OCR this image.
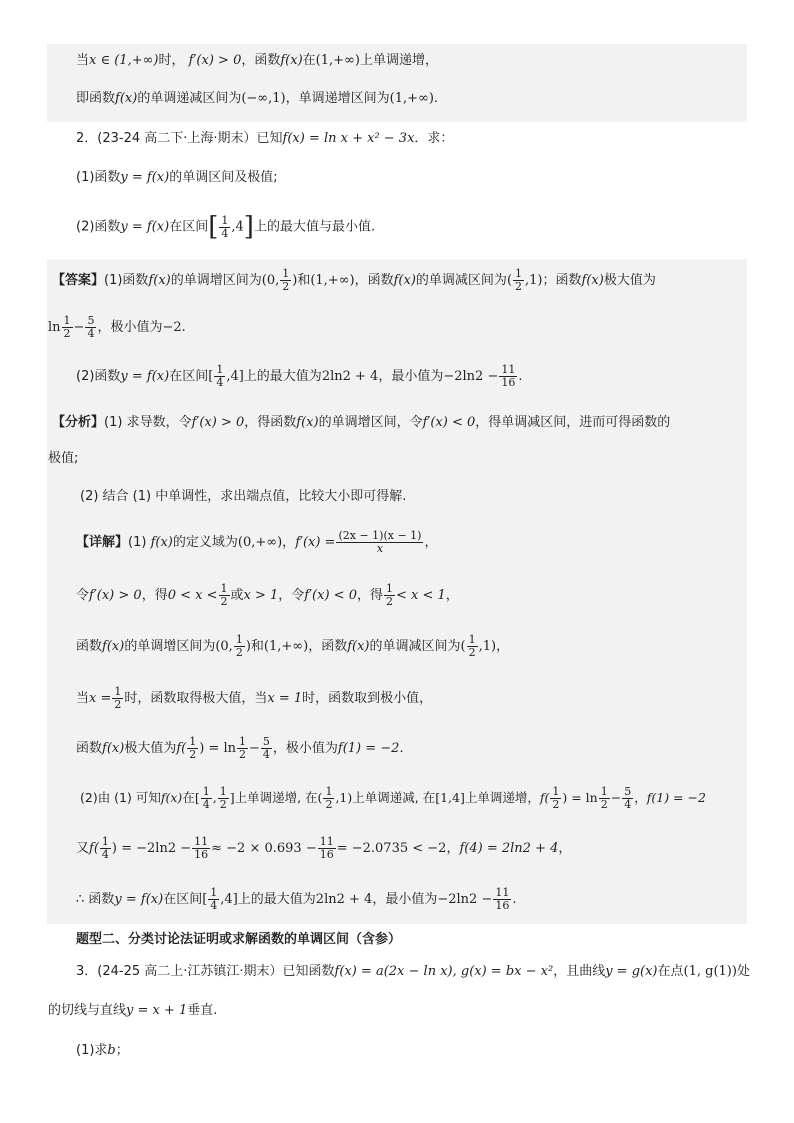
当x ∈ (1,+∞)时， f′(x) > 0，函数f(x)在(1,+∞)上单调递增，
即函数f(x)的单调递减区间为(−∞,1)，单调递增区间为(1,+∞).
2．(23-24 高二下·上海·期末）已知f(x) = ln x + x² − 3x．求：
(1)函数y = f(x)的单调区间及极值;
(2)函数y = f(x)在区间[ $\frac{1}{4} ,4$]上的最大值与最小值.
【答案】(1)函数f(x)的单调增区间为(0, $\frac{1}{2}$ )和(1,+∞)，函数f(x)的单调减区间为( $\frac{1}{2} ,1$)；函数f(x)极大值为
$\ln \frac{1}{2} - \frac{5}{4}$ ，极小值为−2.
(2)函数y = f(x)在区间[ $\frac{1}{4} ,4$]上的最大值为2ln2 + 4，最小值为$-2\ln 2 - \frac{11}{16}$ .
【分析】(1) 求导数，令f′(x) > 0，得函数f(x)的单调增区间，令f′(x) < 0，得单调减区间，进而可得函数的
极值;
(2) 结合 (1) 中单调性，求出端点值，比较大小即可得解.
【详解】(1) f(x)的定义域为(0,+∞)，$f'(x) = \frac{(2x - 1)(x - 1)}{x}$ ，
令f′(x) > 0，得$0 < x < \frac{1}{2}$ 或x > 1，令f′(x) < 0，得 $\frac{1}{2} < x < 1$，
函数f(x)的单调增区间为(0, $\frac{1}{2}$ )和(1,+∞)，函数f(x)的单调减区间为( $\frac{1}{2} ,1$)，
当$x = \frac{1}{2}$ 时，函数取得极大值，当x = 1时，函数取到极小值，
函数f(x)极大值为$f( \frac{1}{2}$ ) = $\ln \frac{1}{2} - \frac{5}{4}$ ，极小值为f(1) = −2.
(2)由 (1) 可知f(x)在[ $\frac{1}{4}$ , $\frac{1}{2}$ ]上单调递增, 在( $\frac{1}{2} ,1$)上单调递减, 在[1,4]上单调递增，$f( \frac{1}{2}$ ) = $\ln \frac{1}{2} - \frac{5}{4}$ ，f(1) = −2
又$f( \frac{1}{4}$ ) = $-2\ln 2 - \frac{11}{16} \approx -2 \times 0.693 - \frac{11}{16} = -2.0735 < -2$，f(4) = 2ln2 + 4，
∴ 函数y = f(x)在区间[ $\frac{1}{4} ,4$]上的最大值为2ln2 + 4，最小值为$-2\ln 2 - \frac{11}{16}$ .
题型二、分类讨论法证明或求解函数的单调区间（含参）
3．(24-25 高二上·江苏镇江·期末）已知函数f(x) = a(2x − ln x), g(x) = bx − x²，且曲线y = g(x)在点(1, g(1))处
的切线与直线y = x + 1垂直.
(1)求b；
